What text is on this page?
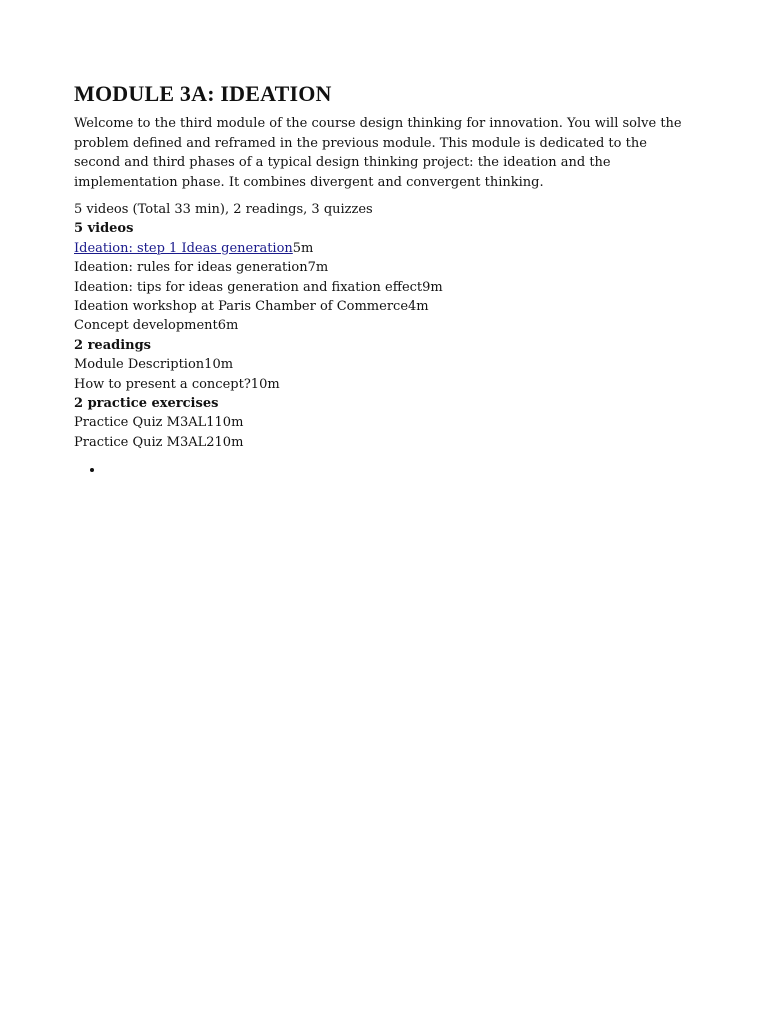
MODULE 3A: IDEATION

Welcome to the third module of the course design thinking for innovation. You will solve the problem defined and reframed in the previous module. This module is dedicated to the second and third phases of a typical design thinking project: the ideation and the implementation phase. It combines divergent and convergent thinking.

5 videos (Total 33 min), 2 readings, 3 quizzes
5 videos
Ideation: step 1 Ideas generation5m
Ideation: rules for ideas generation7m
Ideation: tips for ideas generation and fixation effect9m
Ideation workshop at Paris Chamber of Commerce4m
Concept development6m
2 readings
Module Description10m
How to present a concept?10m
2 practice exercises
Practice Quiz M3AL110m
Practice Quiz M3AL210m
•
